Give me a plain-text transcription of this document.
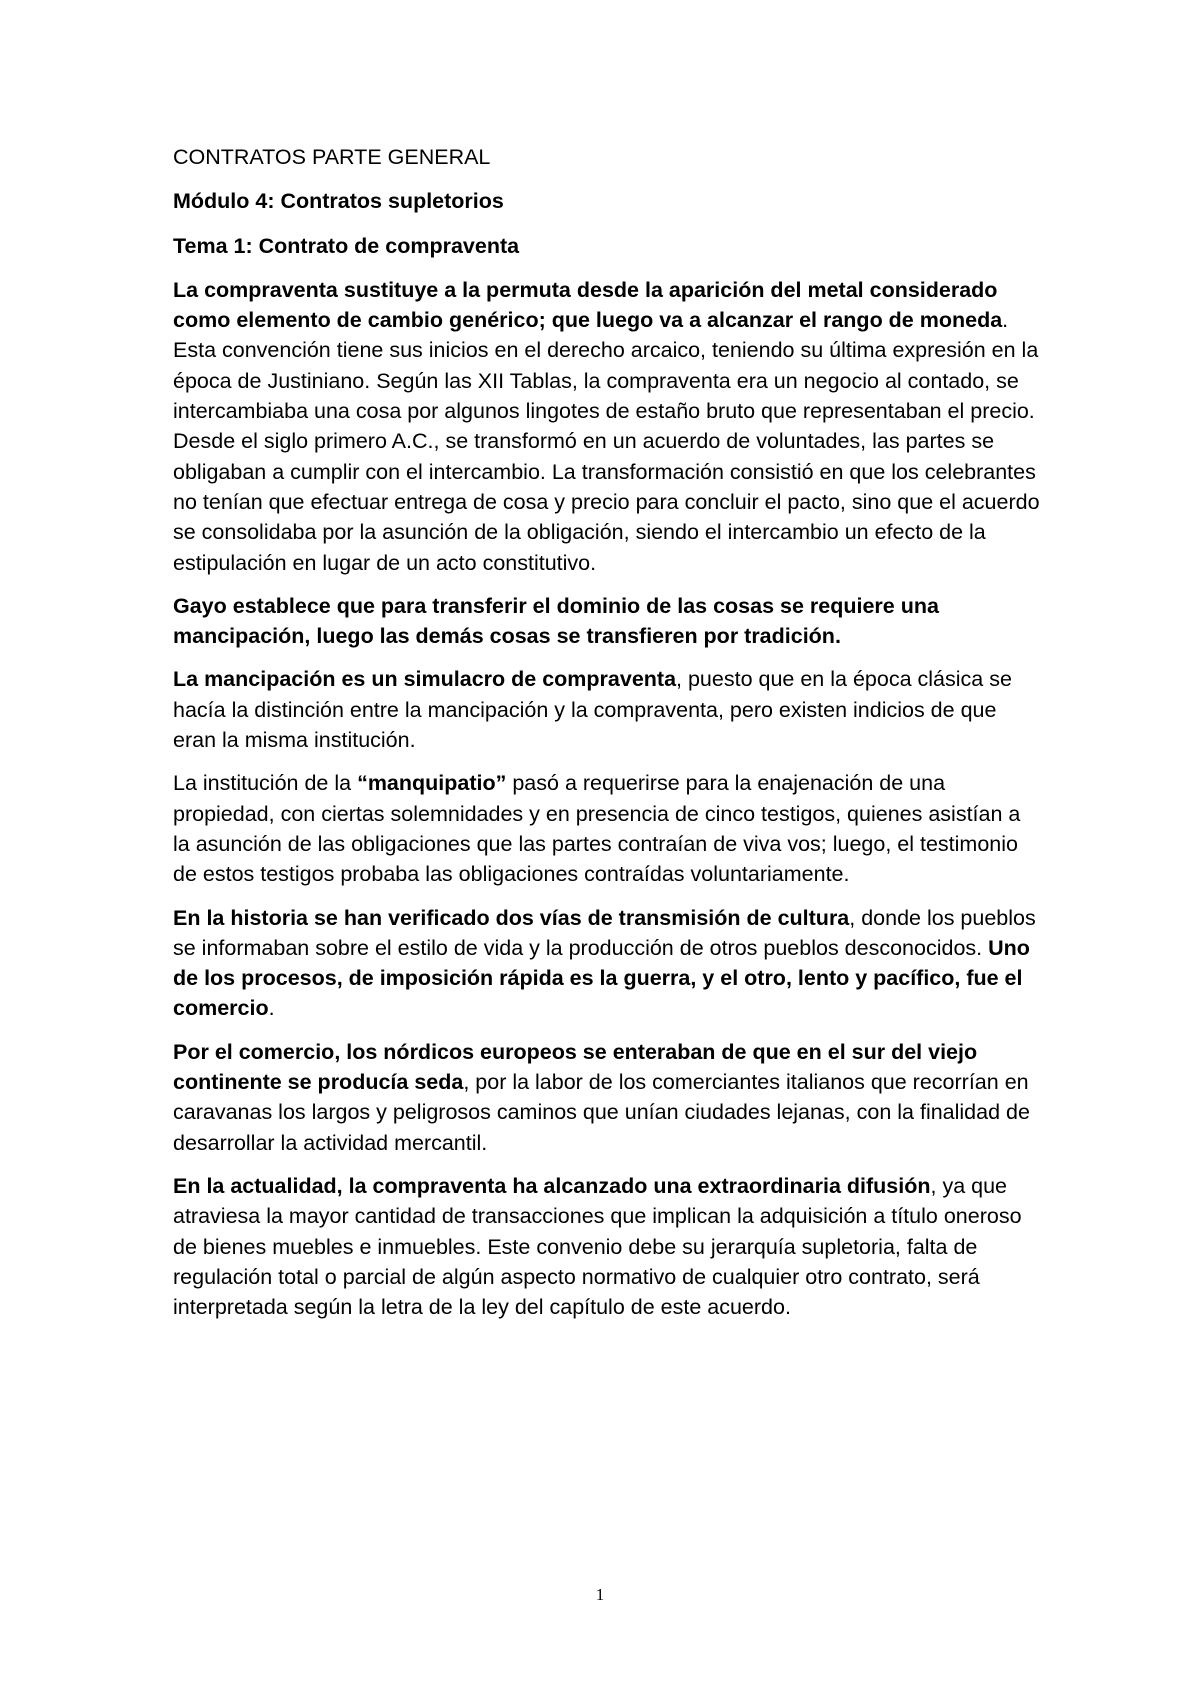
CONTRATOS PARTE GENERAL

Módulo 4: Contratos supletorios

Tema 1: Contrato de compraventa

La compraventa sustituye a la permuta desde la aparición del metal considerado como elemento de cambio genérico; que luego va a alcanzar el rango de moneda. Esta convención tiene sus inicios en el derecho arcaico, teniendo su última expresión en la época de Justiniano. Según las XII Tablas, la compraventa era un negocio al contado, se intercambiaba una cosa por algunos lingotes de estaño bruto que representaban el precio. Desde el siglo primero A.C., se transformó en un acuerdo de voluntades, las partes se obligaban a cumplir con el intercambio. La transformación consistió en que los celebrantes no tenían que efectuar entrega de cosa y precio para concluir el pacto, sino que el acuerdo se consolidaba por la asunción de la obligación, siendo el intercambio un efecto de la estipulación en lugar de un acto constitutivo.

Gayo establece que para transferir el dominio de las cosas se requiere una mancipación, luego las demás cosas se transfieren por tradición.

La mancipación es un simulacro de compraventa, puesto que en la época clásica se hacía la distinción entre la mancipación y la compraventa, pero existen indicios de que eran la misma institución.

La institución de la “manquipatio” pasó a requerirse para la enajenación de una propiedad, con ciertas solemnidades y en presencia de cinco testigos, quienes asistían a la asunción de las obligaciones que las partes contraían de viva vos; luego, el testimonio de estos testigos probaba las obligaciones contraídas voluntariamente.

En la historia se han verificado dos vías de transmisión de cultura, donde los pueblos se informaban sobre el estilo de vida y la producción de otros pueblos desconocidos. Uno de los procesos, de imposición rápida es la guerra, y el otro, lento y pacífico, fue el comercio.

Por el comercio, los nórdicos europeos se enteraban de que en el sur del viejo continente se producía seda, por la labor de los comerciantes italianos que recorrían en caravanas los largos y peligrosos caminos que unían ciudades lejanas, con la finalidad de desarrollar la actividad mercantil.

En la actualidad, la compraventa ha alcanzado una extraordinaria difusión, ya que atraviesa la mayor cantidad de transacciones que implican la adquisición a título oneroso de bienes muebles e inmuebles. Este convenio debe su jerarquía supletoria, falta de regulación total o parcial de algún aspecto normativo de cualquier otro contrato, será interpretada según la letra de la ley del capítulo de este acuerdo.

1
